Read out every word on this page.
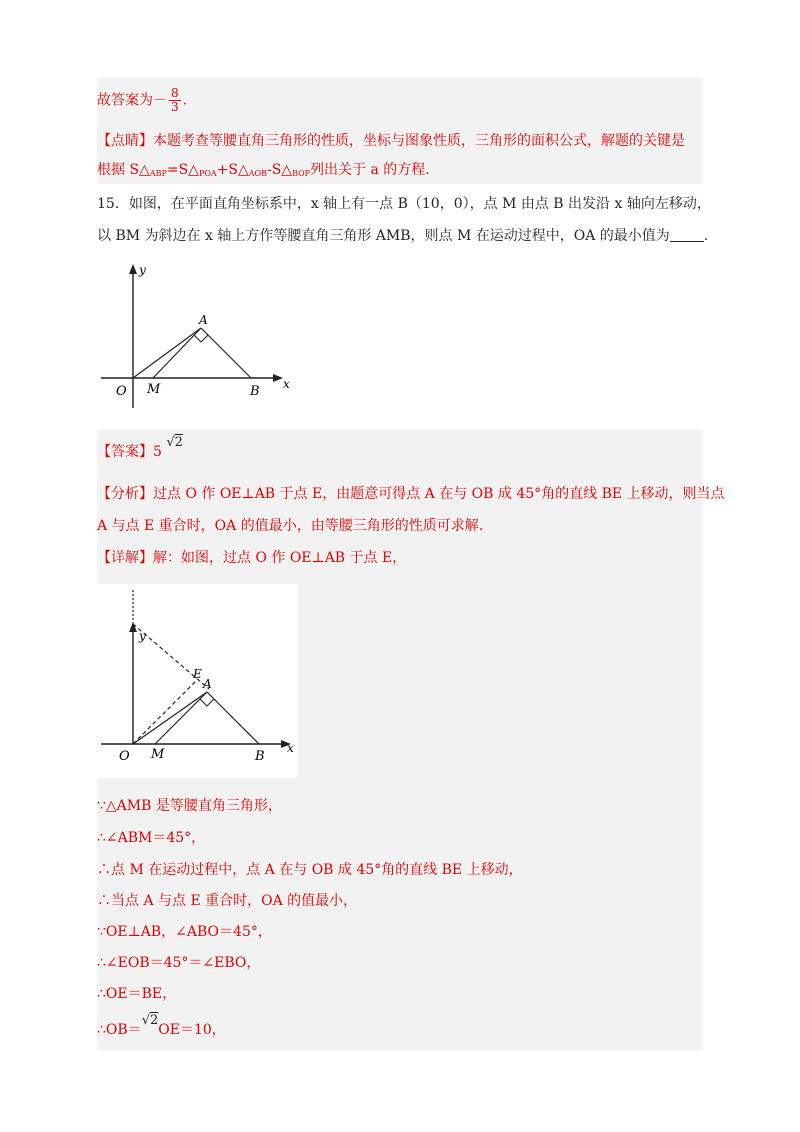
故答案为－ $\frac{8}{3}$ .
【点睛】本题考查等腰直角三角形的性质，坐标与图象性质，三角形的面积公式，解题的关键是
根据 $S\triangle_{ABP}=S\triangle_{POA}+S\triangle_{AOB}-S\triangle_{BOP}$列出关于 a 的方程.
15．如图，在平面直角坐标系中，x 轴上有一点 B（10，0），点 M 由点 B 出发沿 x 轴向左移动，
以 BM 为斜边在 x 轴上方作等腰直角三角形 AMB，则点 M 在运动过程中，OA 的最小值为 .
y
A
O M	B x
【答案】5 √2
【分析】过点 O 作 OE⊥AB 于点 E，由题意可得点 A 在与 OB 成 45°角的直线 BE 上移动，则当点
A 与点 E 重合时，OA 的值最小，由等腰三角形的性质可求解.
【详解】解：如图，过点 O 作 OE⊥AB 于点 E，
y
E
A
O M	B
x
∵△AMB 是等腰直角三角形，
∴∠ABM＝45°，
∴点 M 在运动过程中，点 A 在与 OB 成 45°角的直线 BE 上移动，
∴当点 A 与点 E 重合时，OA 的值最小，
∵OE⊥AB，∠ABO＝45°，
∴∠EOB＝45°＝∠EBO，
∴OE＝BE，
∴OB＝√2OE＝10，
